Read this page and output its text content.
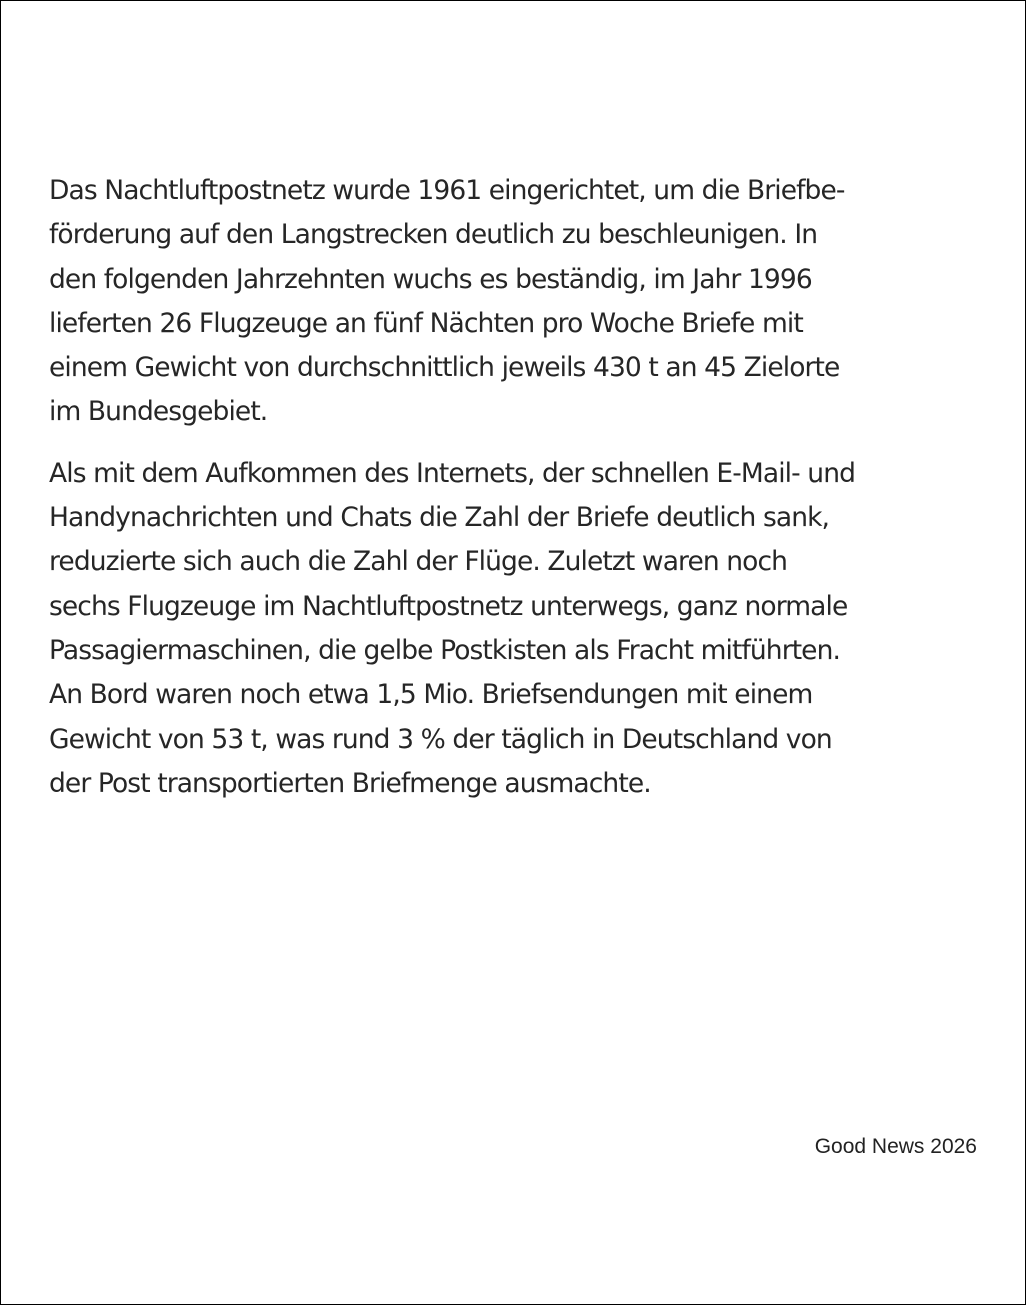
Das Nachtluftpostnetz wurde 1961 eingerichtet, um die Briefbe-
förderung auf den Langstrecken deutlich zu beschleunigen. In
den folgenden Jahrzehnten wuchs es beständig, im Jahr 1996
lieferten 26 Flugzeuge an fünf Nächten pro Woche Briefe mit
einem Gewicht von durchschnittlich jeweils 430 t an 45 Zielorte
im Bundesgebiet.

Als mit dem Aufkommen des Internets, der schnellen E-Mail- und
Handynachrichten und Chats die Zahl der Briefe deutlich sank,
reduzierte sich auch die Zahl der Flüge. Zuletzt waren noch
sechs Flugzeuge im Nachtluftpostnetz unterwegs, ganz normale
Passagiermaschinen, die gelbe Postkisten als Fracht mitführten.
An Bord waren noch etwa 1,5 Mio. Briefsendungen mit einem
Gewicht von 53 t, was rund 3 % der täglich in Deutschland von
der Post transportierten Briefmenge ausmachte.

Good News 2026
